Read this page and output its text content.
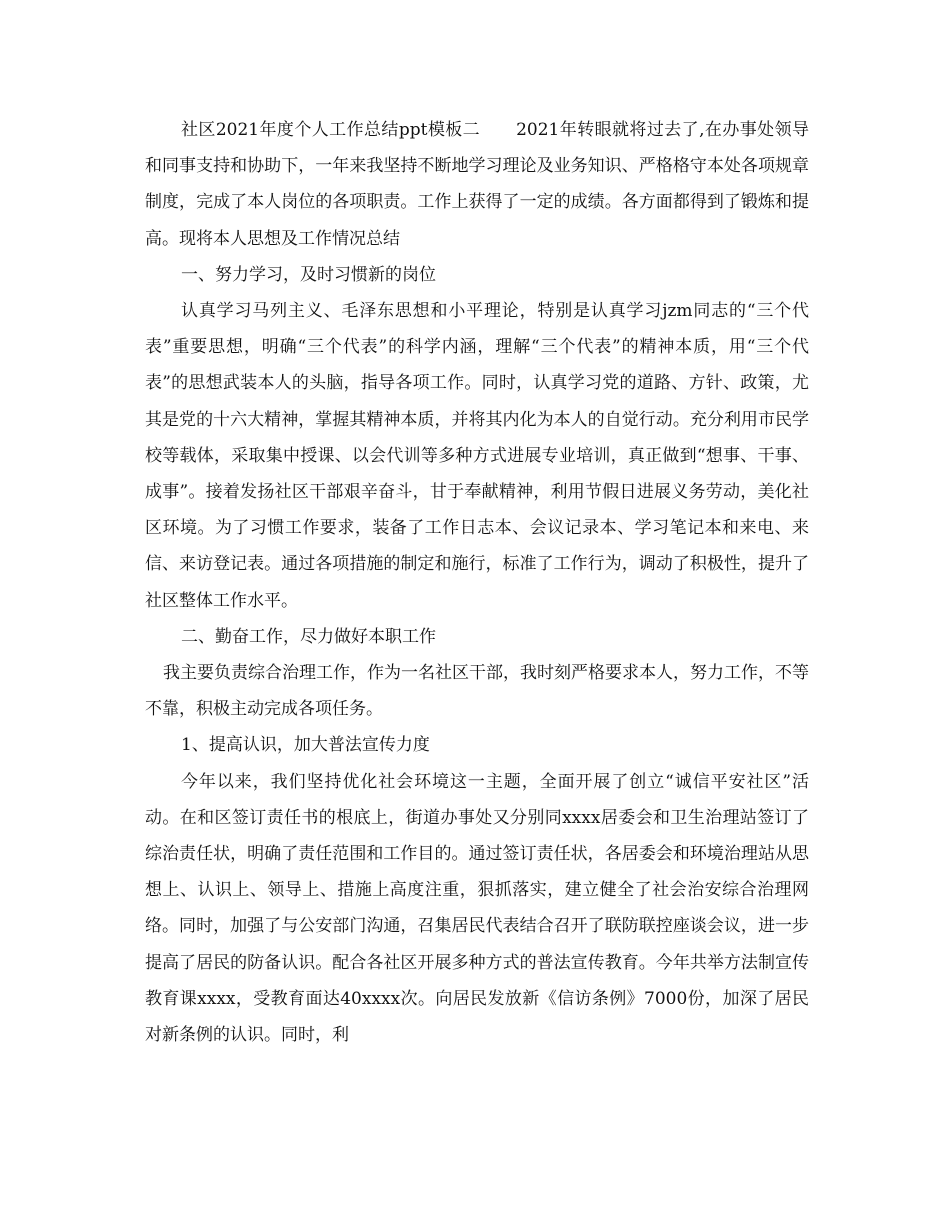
社区2021年度个人工作总结ppt模板二 2021年转眼就将过去了,在办事处领导和同事支持和协助下，一年来我坚持不断地学习理论及业务知识、严格格守本处各项规章制度，完成了本人岗位的各项职责。工作上获得了一定的成绩。各方面都得到了锻炼和提高。现将本人思想及工作情况总结

一、努力学习，及时习惯新的岗位

认真学习马列主义、毛泽东思想和小平理论，特别是认真学习jzm同志的“三个代表”重要思想，明确“三个代表”的科学内涵，理解“三个代表”的精神本质，用“三个代表”的思想武装本人的头脑，指导各项工作。同时，认真学习党的道路、方针、政策，尤其是党的十六大精神，掌握其精神本质，并将其内化为本人的自觉行动。充分利用市民学校等载体，采取集中授课、以会代训等多种方式进展专业培训，真正做到“想事、干事、成事”。接着发扬社区干部艰辛奋斗，甘于奉献精神，利用节假日进展义务劳动，美化社区环境。为了习惯工作要求，装备了工作日志本、会议记录本、学习笔记本和来电、来信、来访登记表。通过各项措施的制定和施行，标准了工作行为，调动了积极性，提升了社区整体工作水平。

二、勤奋工作，尽力做好本职工作

我主要负责综合治理工作，作为一名社区干部，我时刻严格要求本人，努力工作，不等不靠，积极主动完成各项任务。

1、提高认识，加大普法宣传力度

今年以来，我们坚持优化社会环境这一主题，全面开展了创立“诚信平安社区”活动。在和区签订责任书的根底上，街道办事处又分别同xxxx居委会和卫生治理站签订了综治责任状，明确了责任范围和工作目的。通过签订责任状，各居委会和环境治理站从思想上、认识上、领导上、措施上高度注重，狠抓落实，建立健全了社会治安综合治理网络。同时，加强了与公安部门沟通，召集居民代表结合召开了联防联控座谈会议，进一步提高了居民的防备认识。配合各社区开展多种方式的普法宣传教育。今年共举方法制宣传教育课xxxx，受教育面达40xxxx次。向居民发放新《信访条例》7000份，加深了居民对新条例的认识。同时，利
